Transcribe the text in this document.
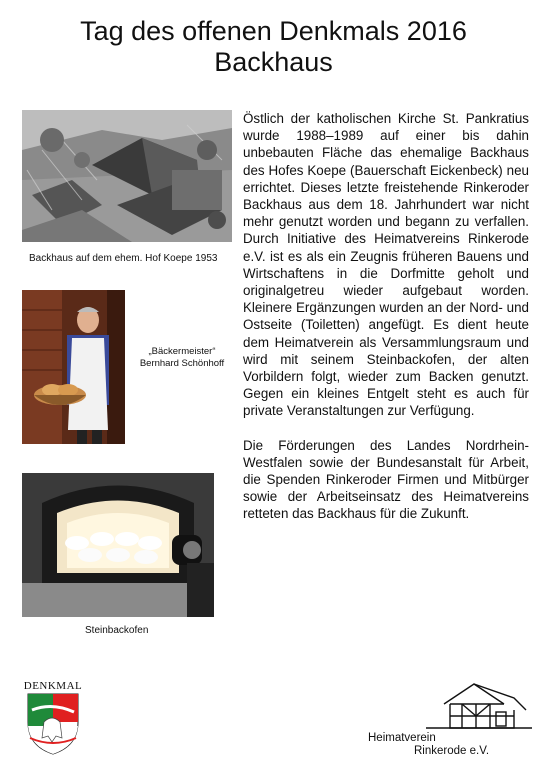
Tag des offenen Denkmals 2016
Backhaus
Backhaus auf dem ehem. Hof Koepe 1953
„Bäckermeister“
Bernhard Schönhoff
Steinbackofen

Östlich der katholischen Kirche St. Pankratius wurde 1988–1989 auf einer bis dahin unbebauten Fläche das ehemalige Backhaus des Hofes Koepe (Bauerschaft Eickenbeck) neu errichtet. Dieses letzte freistehende Rinkeroder Backhaus aus dem 18. Jahrhundert war nicht mehr genutzt worden und begann zu verfallen. Durch Initiative des Heimatvereins Rinkerode e.V. ist es als ein Zeugnis früheren Bauens und Wirtschaftens in die Dorfmitte geholt und originalgetreu wieder aufgebaut worden. Kleinere Ergänzungen wurden an der Nord- und Ostseite (Toiletten) angefügt. Es dient heute dem Heimatverein als Versammlungsraum und wird mit seinem Steinbackofen, der alten Vorbildern folgt, wieder zum Backen genutzt. Gegen ein kleines Entgelt steht es auch für private Veranstaltungen zur Verfügung.

Die Förderungen des Landes Nordrhein-Westfalen sowie der Bundesanstalt für Arbeit, die Spenden Rinkeroder Firmen und Mitbürger sowie der Arbeitseinsatz des Heimatvereins retteten das Backhaus für die Zukunft.

DENKMAL
Heimatverein
Rinkerode e.V.
